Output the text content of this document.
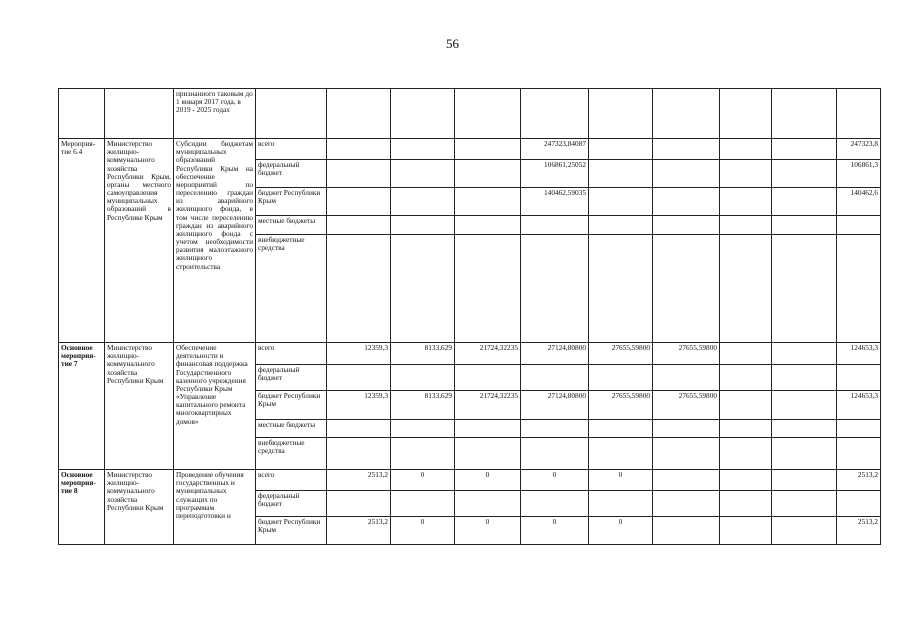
56
		признанного таковым до 1 января 2017 года, в 2019 - 2025 годах										
Мероприя-тие 6.4	Министерство жилищно-коммунального хозяйства Республики Крым, органы местного самоуправления муниципальных образований в Республике Крым	Субсидии бюджетам муниципальных образований Республики Крым на обеспечение мероприятий по переселению граждан из аварийного жилищного фонда, в том числе переселению граждан из аварийного жилищного фонда с учетом необходимости развития малоэтажного жилищного строительства	всего				247323,84087					247323,8
			федеральный бюджет				106861,25052					106861,3
			бюджет Республики Крым				140462,59035					140462,6
			местные бюджеты									
			внебюджетные средства									
Основное мероприя-тие 7	Министерство жилищно-коммунального хозяйства Республики Крым	Обеспечение деятельности и финансовая поддержка Государственного казенного учреждения Республики Крым «Управление капитального ремонта многоквартирных домов»	всего	12359,3	8133,629	21724,32235	27124,80800	27655,59800	27655,59800			124653,3
			федеральный бюджет									
			бюджет Республики Крым	12359,3	8133,629	21724,32235	27124,80800	27655,59800	27655,59800			124653,3
			местные бюджеты									
			внебюджетные средства									
Основное мероприя-тие 8	Министерство жилищно-коммунального хозяйства Республики Крым	Проведение обучения государственных и муниципальных служащих по программам переподготовки и	всего	2513,2	0	0	0	0				2513,2
			федеральный бюджет									
			бюджет Республики Крым	2513,2	0	0	0	0				2513,2
